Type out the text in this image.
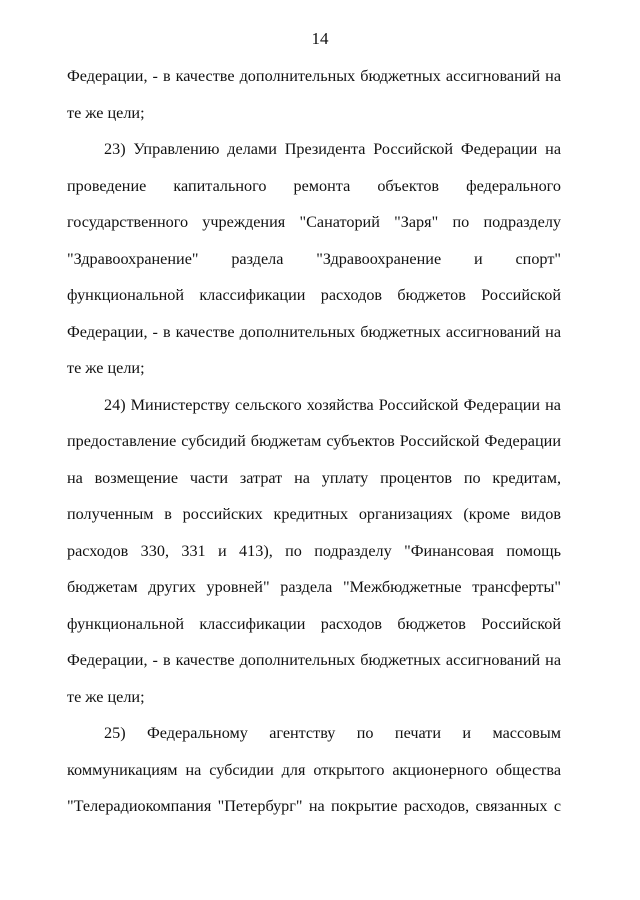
14
Федерации, - в качестве дополнительных бюджетных ассигнований на
те же цели;
23) Управлению делами Президента Российской Федерации на
проведение капитального ремонта объектов федерального
государственного учреждения "Санаторий "Заря" по подразделу
"Здравоохранение" раздела "Здравоохранение и спорт"
функциональной классификации расходов бюджетов Российской
Федерации, - в качестве дополнительных бюджетных ассигнований на
те же цели;
24) Министерству сельского хозяйства Российской Федерации на
предоставление субсидий бюджетам субъектов Российской Федерации
на возмещение части затрат на уплату процентов по кредитам,
полученным в российских кредитных организациях (кроме видов
расходов 330, 331 и 413), по подразделу "Финансовая помощь
бюджетам других уровней" раздела "Межбюджетные трансферты"
функциональной классификации расходов бюджетов Российской
Федерации, - в качестве дополнительных бюджетных ассигнований на
те же цели;
25) Федеральному агентству по печати и массовым
коммуникациям на субсидии для открытого акционерного общества
"Телерадиокомпания "Петербург" на покрытие расходов, связанных с
